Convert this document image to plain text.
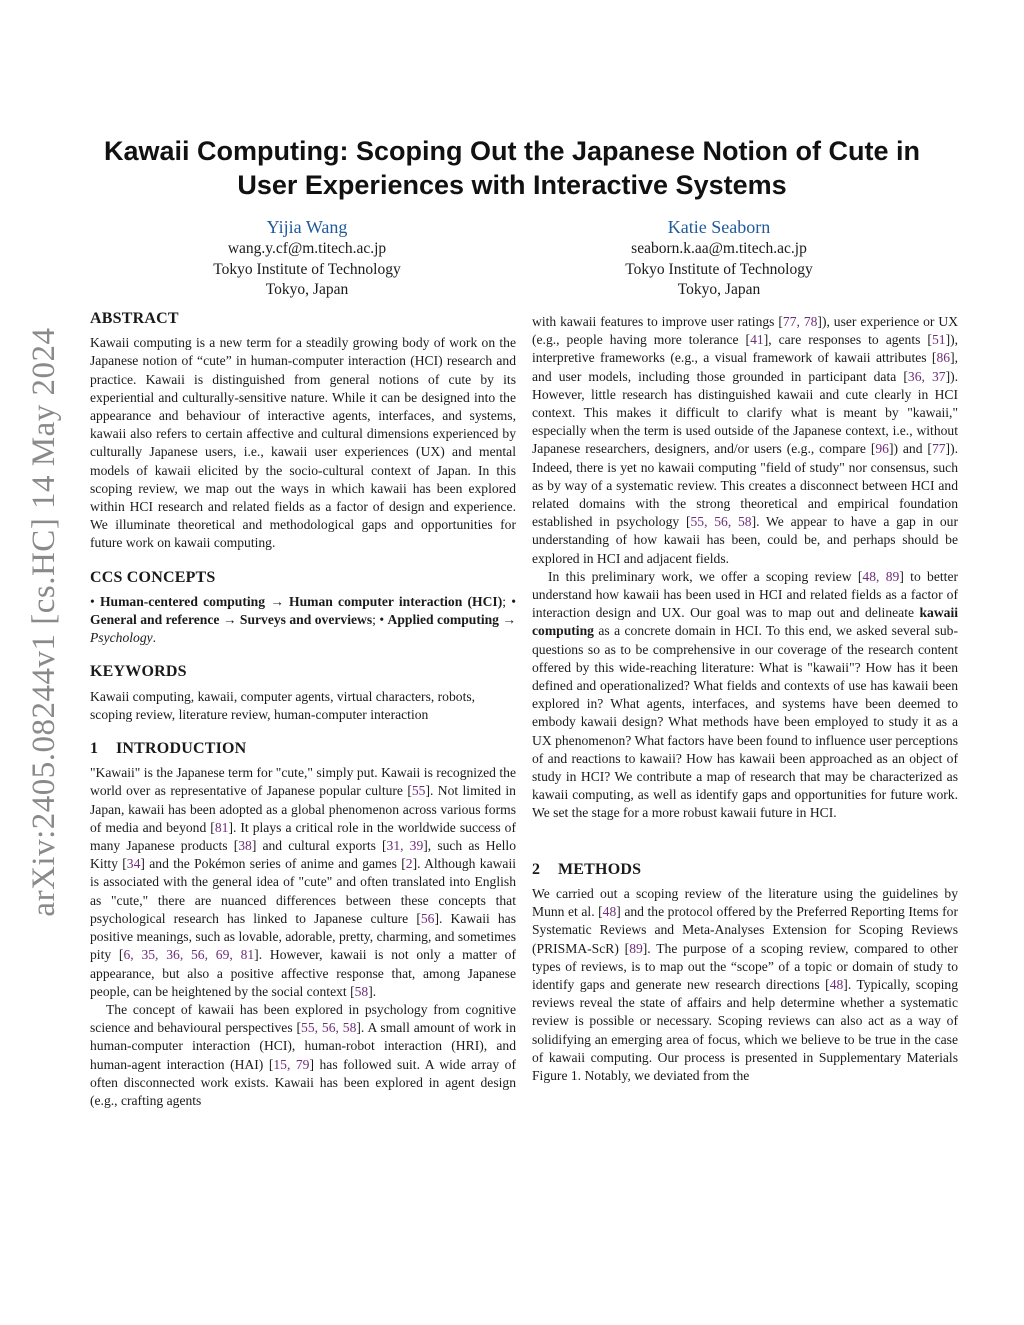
arXiv:2405.08244v1 [cs.HC] 14 May 2024
Kawaii Computing: Scoping Out the Japanese Notion of Cute in
User Experiences with Interactive Systems
Yijia Wang
wang.y.cf@m.titech.ac.jp
Tokyo Institute of Technology
Tokyo, Japan
Katie Seaborn
seaborn.k.aa@m.titech.ac.jp
Tokyo Institute of Technology
Tokyo, Japan
ABSTRACT

Kawaii computing is a new term for a steadily growing body of work on the Japanese notion of “cute” in human-computer interaction (HCI) research and practice. Kawaii is distinguished from general notions of cute by its experiential and culturally-sensitive nature. While it can be designed into the appearance and behaviour of interactive agents, interfaces, and systems, kawaii also refers to certain affective and cultural dimensions experienced by culturally Japanese users, i.e., kawaii user experiences (UX) and mental models of kawaii elicited by the socio-cultural context of Japan. In this scoping review, we map out the ways in which kawaii has been explored within HCI research and related fields as a factor of design and experience. We illuminate theoretical and methodological gaps and opportunities for future work on kawaii computing.

CCS CONCEPTS

• Human-centered computing → Human computer interaction (HCI); • General and reference → Surveys and overviews; • Applied computing → Psychology.

KEYWORDS

Kawaii computing, kawaii, computer agents, virtual characters, robots, scoping review, literature review, human-computer interaction

1 INTRODUCTION

"Kawaii" is the Japanese term for "cute," simply put. Kawaii is recognized the world over as representative of Japanese popular culture [55]. Not limited in Japan, kawaii has been adopted as a global phenomenon across various forms of media and beyond [81]. It plays a critical role in the worldwide success of many Japanese products [38] and cultural exports [31, 39], such as Hello Kitty [34] and the Pokémon series of anime and games [2]. Although kawaii is associated with the general idea of "cute" and often translated into English as "cute," there are nuanced differences between these concepts that psychological research has linked to Japanese culture [56]. Kawaii has positive meanings, such as lovable, adorable, pretty, charming, and sometimes pity [6, 35, 36, 56, 69, 81]. However, kawaii is not only a matter of appearance, but also a positive affective response that, among Japanese people, can be heightened by the social context [58].

The concept of kawaii has been explored in psychology from cognitive science and behavioural perspectives [55, 56, 58]. A small amount of work in human-computer interaction (HCI), human-robot interaction (HRI), and human-agent interaction (HAI) [15, 79] has followed suit. A wide array of often disconnected work exists. Kawaii has been explored in agent design (e.g., crafting agents

with kawaii features to improve user ratings [77, 78]), user experience or UX (e.g., people having more tolerance [41], care responses to agents [51]), interpretive frameworks (e.g., a visual framework of kawaii attributes [86], and user models, including those grounded in participant data [36, 37]). However, little research has distinguished kawaii and cute clearly in HCI context. This makes it difficult to clarify what is meant by "kawaii," especially when the term is used outside of the Japanese context, i.e., without Japanese researchers, designers, and/or users (e.g., compare [96]) and [77]). Indeed, there is yet no kawaii computing "field of study" nor consensus, such as by way of a systematic review. This creates a disconnect between HCI and related domains with the strong theoretical and empirical foundation established in psychology [55, 56, 58]. We appear to have a gap in our understanding of how kawaii has been, could be, and perhaps should be explored in HCI and adjacent fields.

In this preliminary work, we offer a scoping review [48, 89] to better understand how kawaii has been used in HCI and related fields as a factor of interaction design and UX. Our goal was to map out and delineate kawaii computing as a concrete domain in HCI. To this end, we asked several sub-questions so as to be comprehensive in our coverage of the research content offered by this wide-reaching literature: What is "kawaii"? How has it been defined and operationalized? What fields and contexts of use has kawaii been explored in? What agents, interfaces, and systems have been deemed to embody kawaii design? What methods have been employed to study it as a UX phenomenon? What factors have been found to influence user perceptions of and reactions to kawaii? How has kawaii been approached as an object of study in HCI? We contribute a map of research that may be characterized as kawaii computing, as well as identify gaps and opportunities for future work. We set the stage for a more robust kawaii future in HCI.

2 METHODS

We carried out a scoping review of the literature using the guidelines by Munn et al. [48] and the protocol offered by the Preferred Reporting Items for Systematic Reviews and Meta-Analyses Extension for Scoping Reviews (PRISMA-ScR) [89]. The purpose of a scoping review, compared to other types of reviews, is to map out the “scope” of a topic or domain of study to identify gaps and generate new research directions [48]. Typically, scoping reviews reveal the state of affairs and help determine whether a systematic review is possible or necessary. Scoping reviews can also act as a way of solidifying an emerging area of focus, which we believe to be true in the case of kawaii computing. Our process is presented in Supplementary Materials Figure 1. Notably, we deviated from the
